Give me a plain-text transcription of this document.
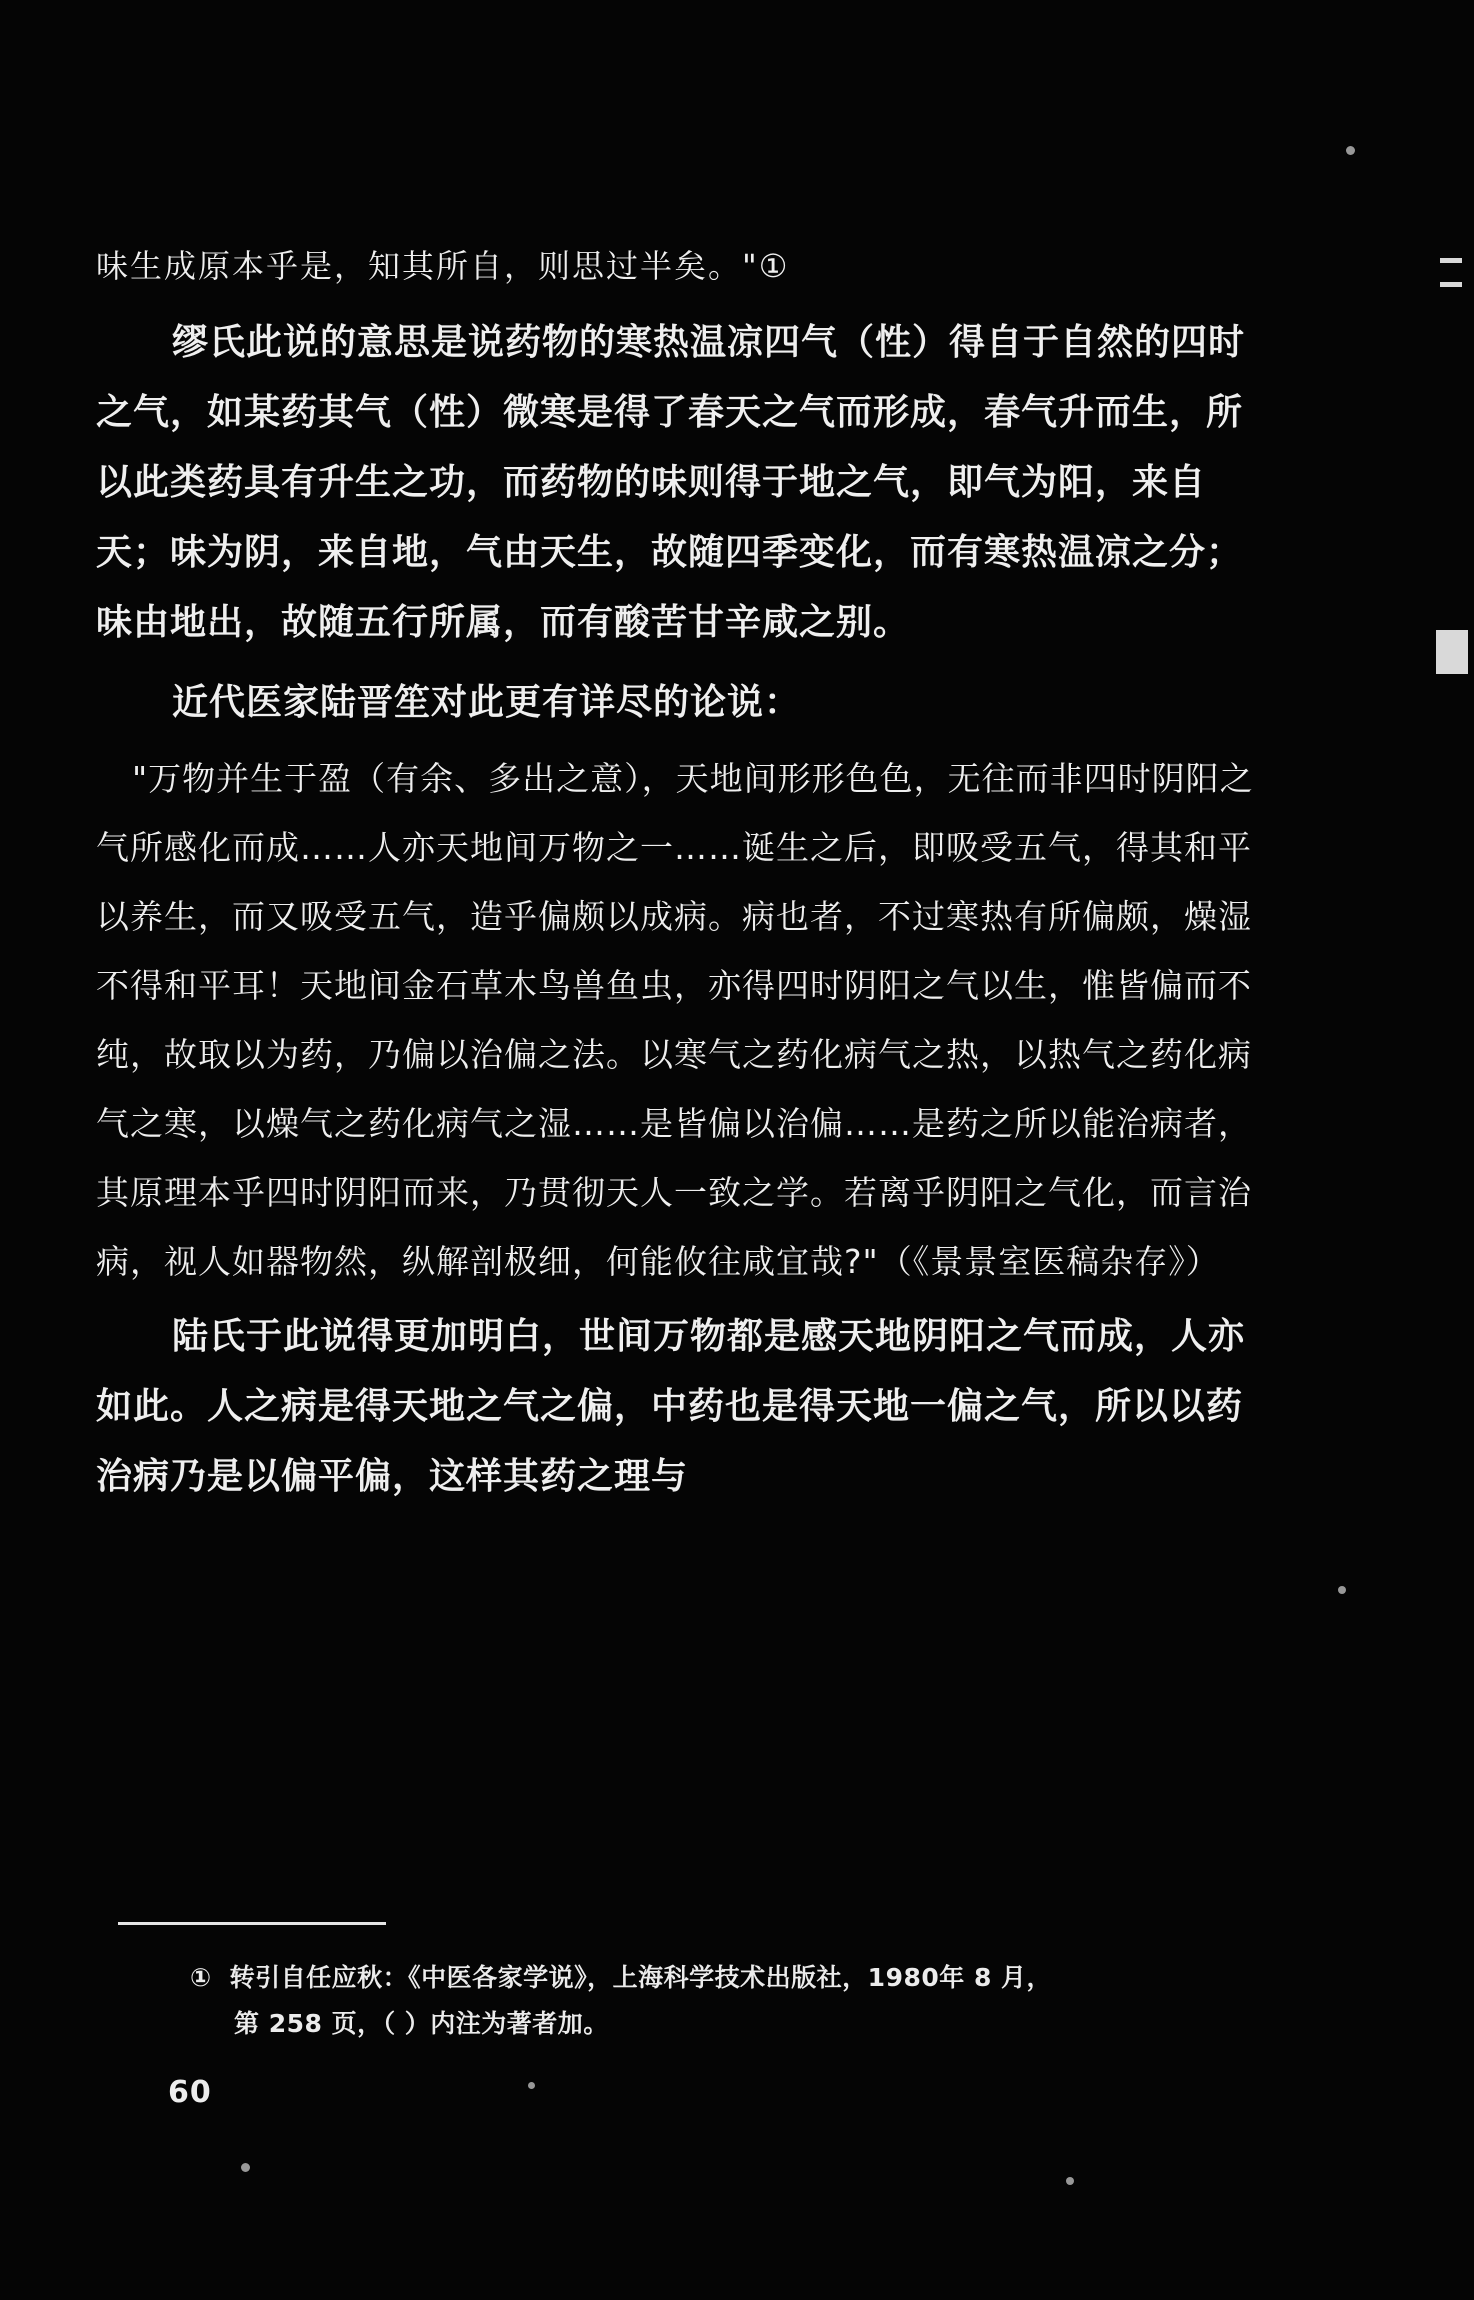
味生成原本乎是，知其所自，则思过半矣。"①

缪氏此说的意思是说药物的寒热温凉四气（性）得自于自然的四时之气，如某药其气（性）微寒是得了春天之气而形成，春气升而生，所以此类药具有升生之功，而药物的味则得于地之气，即气为阳，来自天；味为阴，来自地，气由天生，故随四季变化，而有寒热温凉之分；味由地出，故随五行所属，而有酸苦甘辛咸之别。

近代医家陆晋笙对此更有详尽的论说：

"万物并生于盈（有余、多出之意），天地间形形色色，无往而非四时阴阳之气所感化而成……人亦天地间万物之一……诞生之后，即吸受五气，得其和平以养生，而又吸受五气，造乎偏颇以成病。病也者，不过寒热有所偏颇，燥湿不得和平耳！天地间金石草木鸟兽鱼虫，亦得四时阴阳之气以生，惟皆偏而不纯，故取以为药，乃偏以治偏之法。以寒气之药化病气之热，以热气之药化病气之寒，以燥气之药化病气之湿……是皆偏以治偏……是药之所以能治病者，其原理本乎四时阴阳而来，乃贯彻天人一致之学。若离乎阴阳之气化，而言治病，视人如器物然，纵解剖极细，何能攸往咸宜哉?"（《景景室医稿杂存》）

陆氏于此说得更加明白，世间万物都是感天地阴阳之气而成，人亦如此。人之病是得天地之气之偏，中药也是得天地一偏之气，所以以药治病乃是以偏平偏，这样其药之理与

① 转引自任应秋：《中医各家学说》，上海科学技术出版社，1980年 8 月，
第 258 页，（ ）内注为著者加。
60
